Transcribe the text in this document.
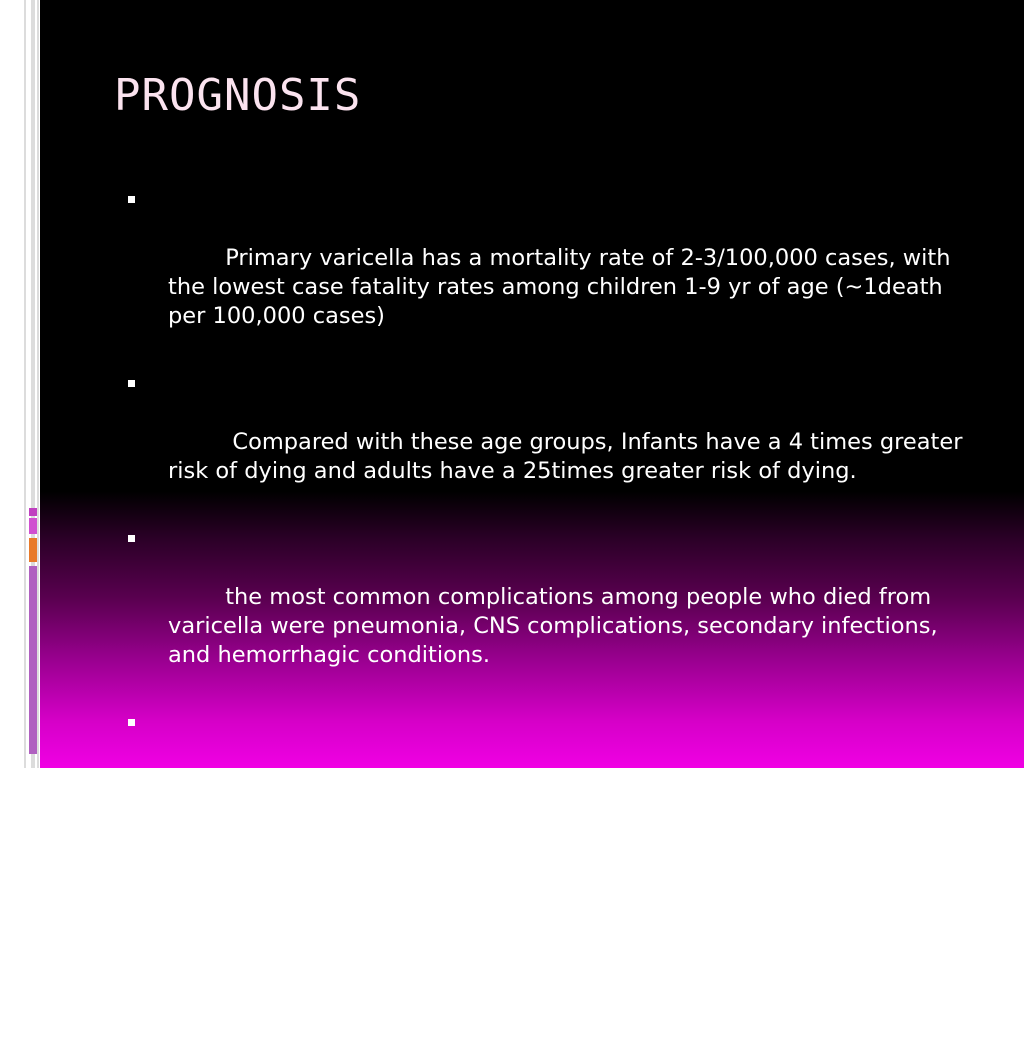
PROGNOSIS

Primary varicella has a mortality rate of 2-3/100,000 cases, with the lowest case fatality rates among children 1-9 yr of age (~1death per 100,000 cases)

Compared with these age groups, Infants have a 4 times greater risk of dying and adults have a 25times greater risk of dying.

the most common complications among people who died from varicella were pneumonia, CNS complications, secondary infections, and hemorrhagic conditions.

Neuritis with herpes zoster should be managed with appropriate analgesics.

Postherpetic neuralgia can be a severe problem in adults and may persist for months, requiring care by a specialist in pain management.
